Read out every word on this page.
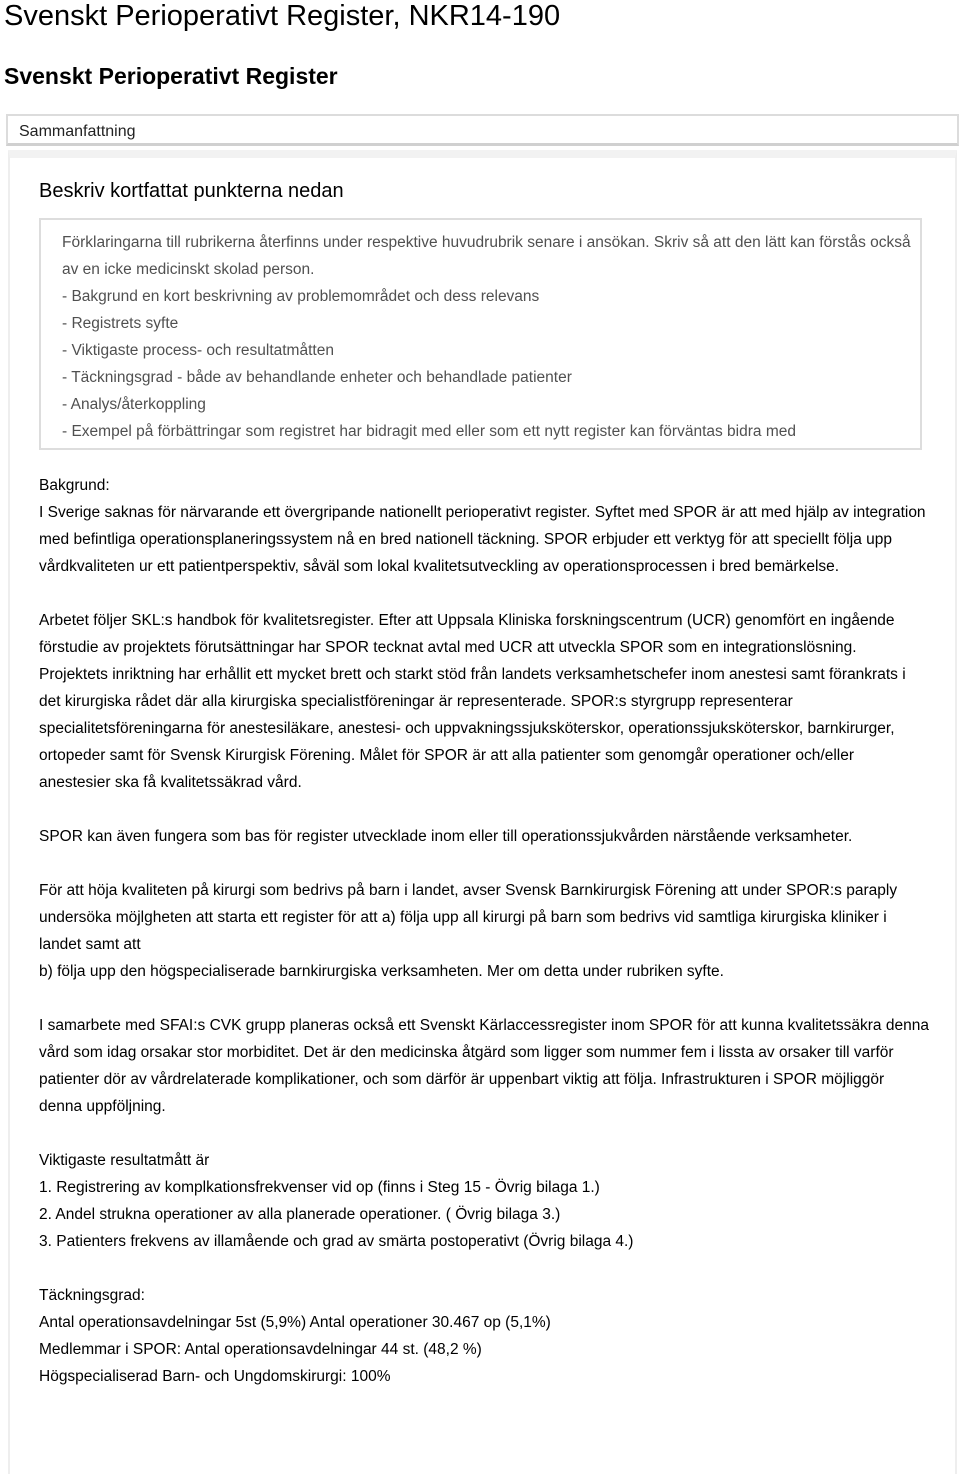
Svenskt Perioperativt Register, NKR14-190
Svenskt Perioperativt Register
Sammanfattning
Beskriv kortfattat punkterna nedan

Förklaringarna till rubrikerna återfinns under respektive huvudrubrik senare i ansökan. Skriv så att den lätt kan förstås också av en icke medicinskt skolad person.

- Bakgrund en kort beskrivning av problemområdet och dess relevans

- Registrets syfte

- Viktigaste process- och resultatmåtten

- Täckningsgrad - både av behandlande enheter och behandlade patienter

- Analys/återkoppling

- Exempel på förbättringar som registret har bidragit med eller som ett nytt register kan förväntas bidra med

Bakgrund:

I Sverige saknas för närvarande ett övergripande nationellt perioperativt register. Syftet med SPOR är att med hjälp av integration med befintliga operationsplaneringssystem nå en bred nationell täckning. SPOR erbjuder ett verktyg för att speciellt följa upp vårdkvaliteten ur ett patientperspektiv, såväl som lokal kvalitetsutveckling av operationsprocessen i bred bemärkelse.

Arbetet följer SKL:s handbok för kvalitetsregister. Efter att Uppsala Kliniska forskningscentrum (UCR) genomfört en ingående förstudie av projektets förutsättningar har SPOR tecknat avtal med UCR att utveckla SPOR som en integrationslösning. Projektets inriktning har erhållit ett mycket brett och starkt stöd från landets verksamhetschefer inom anestesi samt förankrats i det kirurgiska rådet där alla kirurgiska specialistföreningar är representerade. SPOR:s styrgrupp representerar specialitetsföreningarna för anestesiläkare, anestesi- och uppvakningssjuksköterskor, operationssjuksköterskor, barnkirurger, ortopeder samt för Svensk Kirurgisk Förening. Målet för SPOR är att alla patienter som genomgår operationer och/eller anestesier ska få kvalitetssäkrad vård.

SPOR kan även fungera som bas för register utvecklade inom eller till operationssjukvården närstående verksamheter.

För att höja kvaliteten på kirurgi som bedrivs på barn i landet, avser Svensk Barnkirurgisk Förening att under SPOR:s paraply undersöka möjlgheten att starta ett register för att a) följa upp all kirurgi på barn som bedrivs vid samtliga kirurgiska kliniker i landet samt att

b) följa upp den högspecialiserade barnkirurgiska verksamheten. Mer om detta under rubriken syfte.

I samarbete med SFAI:s CVK grupp planeras också ett Svenskt Kärlaccessregister inom SPOR för att kunna kvalitetssäkra denna vård som idag orsakar stor morbiditet. Det är den medicinska åtgärd som ligger som nummer fem i lissta av orsaker till varför patienter dör av vårdrelaterade komplikationer, och som därför är uppenbart viktig att följa. Infrastrukturen i SPOR möjliggör denna uppföljning.

Viktigaste resultatmått är

1. Registrering av komplkationsfrekvenser vid op (finns i Steg 15 - Övrig bilaga 1.)

2. Andel strukna operationer av alla planerade operationer. ( Övrig bilaga 3.)

3. Patienters frekvens av illamående och grad av smärta postoperativt (Övrig bilaga 4.)

Täckningsgrad:

Antal operationsavdelningar 5st (5,9%) Antal operationer 30.467 op (5,1%)

Medlemmar i SPOR: Antal operationsavdelningar 44 st. (48,2 %)

Högspecialiserad Barn- och Ungdomskirurgi: 100%
